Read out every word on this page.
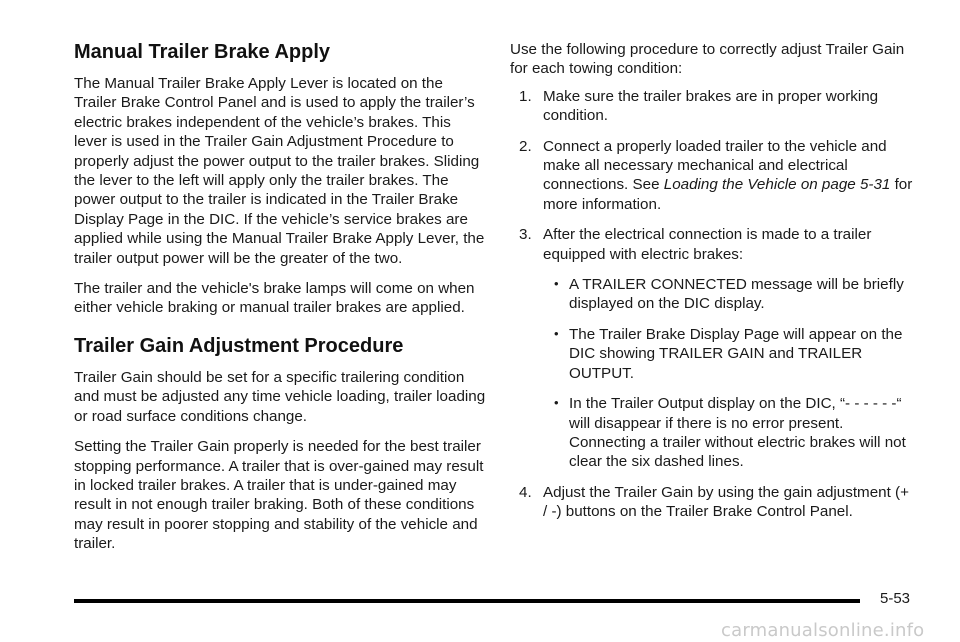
Manual Trailer Brake Apply

The Manual Trailer Brake Apply Lever is located on the Trailer Brake Control Panel and is used to apply the trailer’s electric brakes independent of the vehicle’s brakes. This lever is used in the Trailer Gain Adjustment Procedure to properly adjust the power output to the trailer brakes. Sliding the lever to the left will apply only the trailer brakes. The power output to the trailer is indicated in the Trailer Brake Display Page in the DIC. If the vehicle’s service brakes are applied while using the Manual Trailer Brake Apply Lever, the trailer output power will be the greater of the two.

The trailer and the vehicle's brake lamps will come on when either vehicle braking or manual trailer brakes are applied.

Trailer Gain Adjustment Procedure

Trailer Gain should be set for a specific trailering condition and must be adjusted any time vehicle loading, trailer loading or road surface conditions change.

Setting the Trailer Gain properly is needed for the best trailer stopping performance. A trailer that is over-gained may result in locked trailer brakes. A trailer that is under-gained may result in not enough trailer braking. Both of these conditions may result in poorer stopping and stability of the vehicle and trailer.

Use the following procedure to correctly adjust Trailer Gain for each towing condition:

1. Make sure the trailer brakes are in proper working condition.
2. Connect a properly loaded trailer to the vehicle and make all necessary mechanical and electrical connections. See Loading the Vehicle on page 5-31 for more information.
3. After the electrical connection is made to a trailer equipped with electric brakes:
• A TRAILER CONNECTED message will be briefly displayed on the DIC display.
• The Trailer Brake Display Page will appear on the DIC showing TRAILER GAIN and TRAILER OUTPUT.
• In the Trailer Output display on the DIC, “- - - - - -“ will disappear if there is no error present. Connecting a trailer without electric brakes will not clear the six dashed lines.
4. Adjust the Trailer Gain by using the gain adjustment (+ / -) buttons on the Trailer Brake Control Panel.
5-53
carmanualsonline.info
